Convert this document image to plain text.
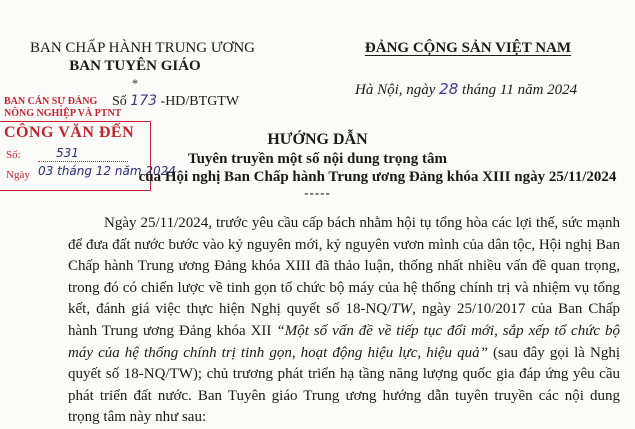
BAN CHẤP HÀNH TRUNG ƯƠNG
BAN TUYÊN GIÁO
*
ĐẢNG CỘNG SẢN VIỆT NAM
Hà Nội, ngày 28 tháng 11 năm 2024
Số 173 -HD/BTGTW
BAN CÁN SỰ ĐẢNG
NÔNG NGHIỆP VÀ PTNT
CÔNG VĂN ĐẾN
Số:	531
Ngày 03 tháng 12 năm 2024
HƯỚNG DẪN
Tuyên truyền một số nội dung trọng tâm
của Hội nghị Ban Chấp hành Trung ương Đảng khóa XIII ngày 25/11/2024
-----

Ngày 25/11/2024, trước yêu cầu cấp bách nhằm hội tụ tổng hòa các lợi thế, sức mạnh để đưa đất nước bước vào kỷ nguyên mới, kỷ nguyên vươn mình của dân tộc, Hội nghị Ban Chấp hành Trung ương Đảng khóa XIII đã thảo luận, thống nhất nhiều vấn đề quan trọng, trong đó có chiến lược về tinh gọn tổ chức bộ máy của hệ thống chính trị và nhiệm vụ tổng kết, đánh giá việc thực hiện Nghị quyết số 18-NQ/TW, ngày 25/10/2017 của Ban Chấp hành Trung ương Đảng khóa XII “Một số vấn đề về tiếp tục đổi mới, sắp xếp tổ chức bộ máy của hệ thống chính trị tinh gọn, hoạt động hiệu lực, hiệu quả” (sau đây gọi là Nghị quyết số 18-NQ/TW); chủ trương phát triển hạ tầng năng lượng quốc gia đáp ứng yêu cầu phát triển đất nước. Ban Tuyên giáo Trung ương hướng dẫn tuyên truyền các nội dung trọng tâm này như sau:
